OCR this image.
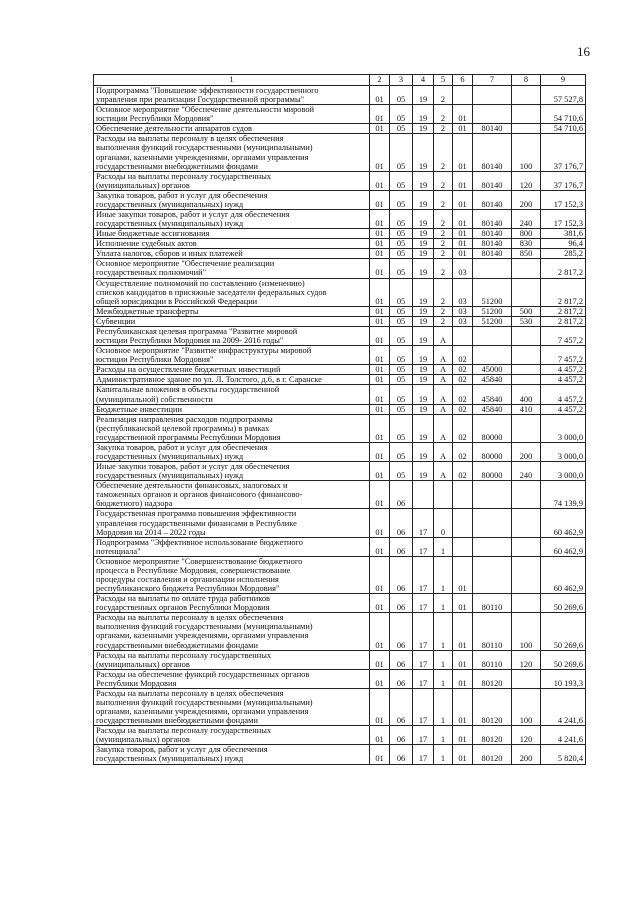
16
1	2	3	4	5	6	7	8	9
Подпрограмма "Повышение эффективности государственного
управления при реализации Государственной программы"	01	05	19	2				57 527,8
Основное мероприятие "Обеспечение деятельности мировой
юстиции Республики Мордовия"	01	05	19	2	01			54 710,6
Обеспечение деятельности аппаратов судов	01	05	19	2	01	80140		54 710,6
Расходы на выплаты персоналу в целях обеспечения
выполнения функций государственными (муниципальными)
органами, казенными учреждениями, органами управления
государственными внебюджетными фондами	01	05	19	2	01	80140	100	37 176,7
Расходы на выплаты персоналу государственных
(муниципальных) органов	01	05	19	2	01	80140	120	37 176,7
Закупка товаров, работ и услуг для обеспечения
государственных (муниципальных) нужд	01	05	19	2	01	80140	200	17 152,3
Иные закупки товаров, работ и услуг для обеспечения
государственных (муниципальных) нужд	01	05	19	2	01	80140	240	17 152,3
Иные бюджетные ассигнования	01	05	19	2	01	80140	800	381,6
Исполнение судебных актов	01	05	19	2	01	80140	830	96,4
Уплата налогов, сборов и иных платежей	01	05	19	2	01	80140	850	285,2
Основное мероприятие "Обеспечение реализации
государственных полномочий"	01	05	19	2	03			2 817,2
Осуществление полномочий по составлению (изменению)
списков кандидатов в присяжные заседатели федеральных судов
общей юрисдикции в Российской Федерации	01	05	19	2	03	51200		2 817,2
Межбюджетные трансферты	01	05	19	2	03	51200	500	2 817,2
Субвенции	01	05	19	2	03	51200	530	2 817,2
Республиканская целевая программа "Развитие мировой
юстиции Республики Мордовия на 2009- 2016 годы"	01	05	19	А				7 457,2
Основное мероприятие "Развитие инфраструктуры мировой
юстиции Республики Мордовия"	01	05	19	А	02			7 457,2
Расходы на осуществление бюджетных инвестиций	01	05	19	А	02	45000		4 457,2
Административное здание по ул. Л. Толстого, д.6, в г. Саранске	01	05	19	А	02	45840		4 457,2
Капитальные вложения в объекты государственной
(муниципальной) собственности	01	05	19	А	02	45840	400	4 457,2
Бюджетные инвестиции	01	05	19	А	02	45840	410	4 457,2
Реализация направления расходов подпрограммы
(республиканской целевой программы) в рамках
государственной программы Республики Мордовия	01	05	19	А	02	80000		3 000,0
Закупка товаров, работ и услуг для обеспечения
государственных (муниципальных) нужд	01	05	19	А	02	80000	200	3 000,0
Иные закупки товаров, работ и услуг для обеспечения
государственных (муниципальных) нужд	01	05	19	А	02	80000	240	3 000,0
Обеспечение деятельности финансовых, налоговых и
таможенных органов и органов финансового (финансово-
бюджетного) надзора	01	06						74 139,9
Государственная программа повышения эффективности
управления государственными финансами в Республике
Мордовия на 2014 – 2022 годы	01	06	17	0				60 462,9
Подпрограмма "Эффективное использование бюджетного
потенциала"	01	06	17	1				60 462,9
Основное мероприятие "Совершенствование бюджетного
процесса в Республике Мордовия, совершенствование
процедуры составления и организации исполнения
республиканского бюджета Республики Мордовия"	01	06	17	1	01			60 462,9
Расходы на выплаты по оплате труда работников
государственных органов Республики Мордовия	01	06	17	1	01	80110		50 269,6
Расходы на выплаты персоналу в целях обеспечения
выполнения функций государственными (муниципальными)
органами, казенными учреждениями, органами управления
государственными внебюджетными фондами	01	06	17	1	01	80110	100	50 269,6
Расходы на выплаты персоналу государственных
(муниципальных) органов	01	06	17	1	01	80110	120	50 269,6
Расходы на обеспечение функций государственных органов
Республики Мордовия	01	06	17	1	01	80120		10 193,3
Расходы на выплаты персоналу в целях обеспечения
выполнения функций государственными (муниципальными)
органами, казенными учреждениями, органами управления
государственными внебюджетными фондами	01	06	17	1	01	80120	100	4 241,6
Расходы на выплаты персоналу государственных
(муниципальных) органов	01	06	17	1	01	80120	120	4 241,6
Закупка товаров, работ и услуг для обеспечения
государственных (муниципальных) нужд	01	06	17	1	01	80120	200	5 820,4
